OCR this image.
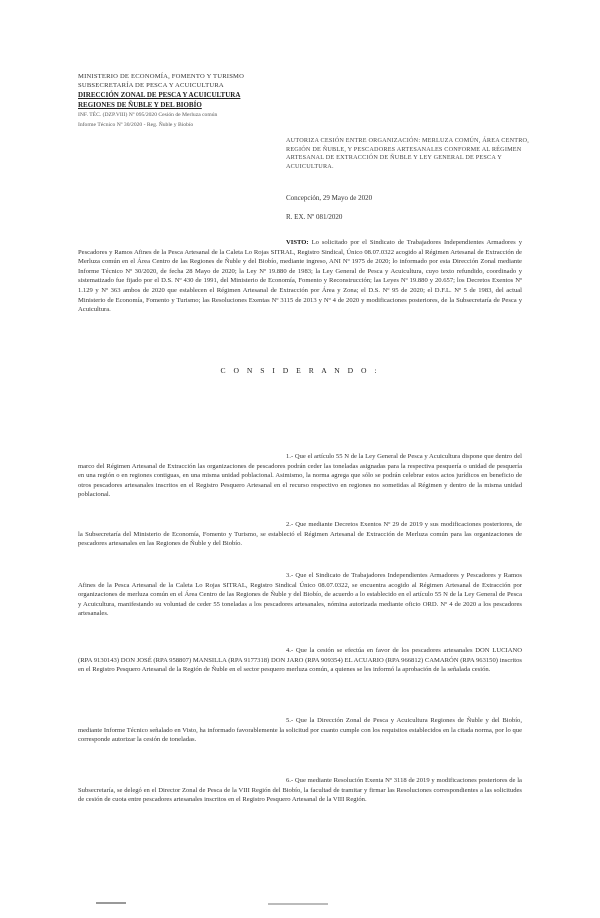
MINISTERIO DE ECONOMÍA, FOMENTO Y TURISMO
SUBSECRETARÍA DE PESCA Y ACUICULTURA
DIRECCIÓN ZONAL DE PESCA Y ACUICULTURA
REGIONES DE ÑUBLE Y DEL BIOBÍO
INF. TÉC. (DZP.VIII) Nº 095/2020 Cesión de Merluza común
Informe Técnico Nº 30/2020 - Reg. Ñuble y Biobío
AUTORIZA CESIÓN ENTRE ORGANIZACIÓN: MERLUZA COMÚN, ÁREA CENTRO, REGIÓN DE ÑUBLE, Y PESCADORES ARTESANALES CONFORME AL RÉGIMEN ARTESANAL DE EXTRACCIÓN DE ÑUBLE Y LEY GENERAL DE PESCA Y ACUICULTURA.
Concepción, 29 Mayo de 2020
R. EX. Nº 081/2020
VISTO: Lo solicitado por el Sindicato de Trabajadores Independientes Armadores y Pescadores y Ramos Afines de la Pesca Artesanal de la Caleta Lo Rojas SITRAL, Registro Sindical, Único 08.07.0322 acogido al Régimen Artesanal de Extracción de Merluza común en el Área Centro de las Regiones de Ñuble y del Biobío, mediante ingreso, ANI Nº 1975 de 2020; lo informado por esta Dirección Zonal mediante Informe Técnico Nº 30/2020, de fecha 28 Mayo de 2020; la Ley Nº 19.880 de 1983; la Ley General de Pesca y Acuicultura, cuyo texto refundido, coordinado y sistematizado fue fijado por el D.S. Nº 430 de 1991, del Ministerio de Economía, Fomento y Reconstrucción; las Leyes Nº 19.880 y 20.657; los Decretos Exentos Nº 1.129 y Nº 363 ambos de 2020 que establecen el Régimen Artesanal de Extracción por Área y Zona; el D.S. Nº 95 de 2020; el D.F.L. Nº 5 de 1983, del actual Ministerio de Economía, Fomento y Turismo; las Resoluciones Exentas Nº 3115 de 2013 y Nº 4 de 2020 y modificaciones posteriores, de la Subsecretaría de Pesca y Acuicultura.
C O N S I D E R A N D O :
1.- Que el artículo 55 N de la Ley General de Pesca y Acuicultura dispone que dentro del marco del Régimen Artesanal de Extracción las organizaciones de pescadores podrán ceder las toneladas asignadas para la respectiva pesquería o unidad de pesquería en una región o en regiones contiguas, en una misma unidad poblacional. Asimismo, la norma agrega que sólo se podrán celebrar estos actos jurídicos en beneficio de otros pescadores artesanales inscritos en el Registro Pesquero Artesanal en el recurso respectivo en regiones no sometidas al Régimen y dentro de la misma unidad poblacional.
2.- Que mediante Decretos Exentos Nº 29 de 2019 y sus modificaciones posteriores, de la Subsecretaría del Ministerio de Economía, Fomento y Turismo, se estableció el Régimen Artesanal de Extracción de Merluza común para las organizaciones de pescadores artesanales en las Regiones de Ñuble y del Biobío.
3.- Que el Sindicato de Trabajadores Independientes Armadores y Pescadores y Ramos Afines de la Pesca Artesanal de la Caleta Lo Rojas SITRAL, Registro Sindical Único 08.07.0322, se encuentra acogido al Régimen Artesanal de Extracción por organizaciones de merluza común en el Área Centro de las Regiones de Ñuble y del Biobío, de acuerdo a lo establecido en el artículo 55 N de la Ley General de Pesca y Acuicultura, manifestando su voluntad de ceder 55 toneladas a los pescadores artesanales, nómina autorizada mediante oficio ORD. Nº 4 de 2020 a los pescadores artesanales.
4.- Que la cesión se efectúa en favor de los pescadores artesanales DON LUCIANO (RPA 9130143) DON JOSÉ (RPA 958807) MANSILLA (RPA 9177318) DON JARO (RPA 909354) EL ACUARIO (RPA 966812) CAMARÓN (RPA 963150) inscritos en el Registro Pesquero Artesanal de la Región de Ñuble en el sector pesquero merluza común, a quienes se les informó la aprobación de la señalada cesión.
5.- Que la Dirección Zonal de Pesca y Acuicultura Regiones de Ñuble y del Biobío, mediante Informe Técnico señalado en Visto, ha informado favorablemente la solicitud por cuanto cumple con los requisitos establecidos en la citada norma, por lo que corresponde autorizar la cesión de toneladas.
6.- Que mediante Resolución Exenta Nº 3118 de 2019 y modificaciones posteriores de la Subsecretaría, se delegó en el Director Zonal de Pesca de la VIII Región del Biobío, la facultad de tramitar y firmar las Resoluciones correspondientes a las solicitudes de cesión de cuota entre pescadores artesanales inscritos en el Registro Pesquero Artesanal de la VIII Región.
